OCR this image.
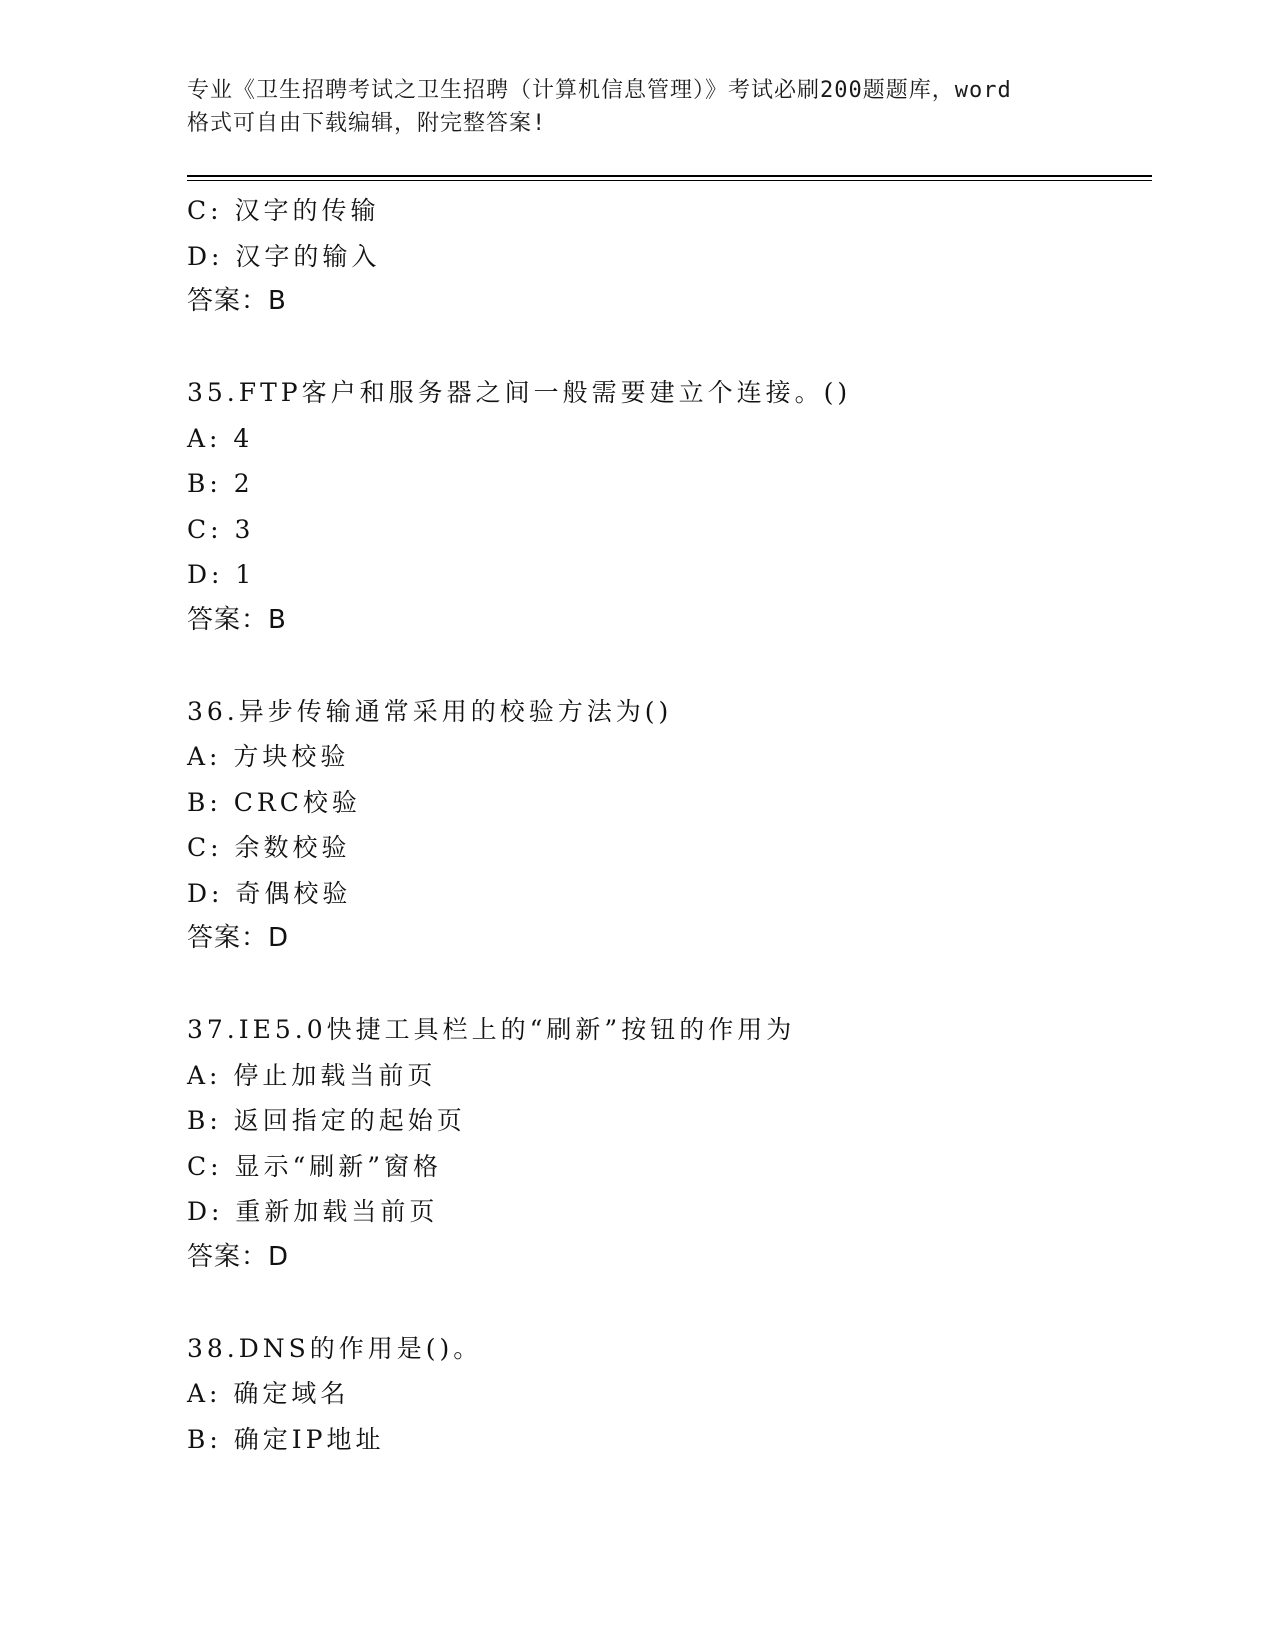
专业《卫生招聘考试之卫生招聘（计算机信息管理）》考试必刷200题题库，word
格式可自由下载编辑，附完整答案!
C: 汉字的传输
D: 汉字的输入
答案：B
35.FTP客户和服务器之间一般需要建立个连接。()
A: 4
B: 2
C: 3
D: 1
答案：B
36.异步传输通常采用的校验方法为()
A: 方块校验
B: CRC校验
C: 余数校验
D: 奇偶校验
答案：D
37.IE5.0快捷工具栏上的“刷新”按钮的作用为
A: 停止加载当前页
B: 返回指定的起始页
C: 显示“刷新”窗格
D: 重新加载当前页
答案：D
38.DNS的作用是()。
A: 确定域名
B: 确定IP地址
